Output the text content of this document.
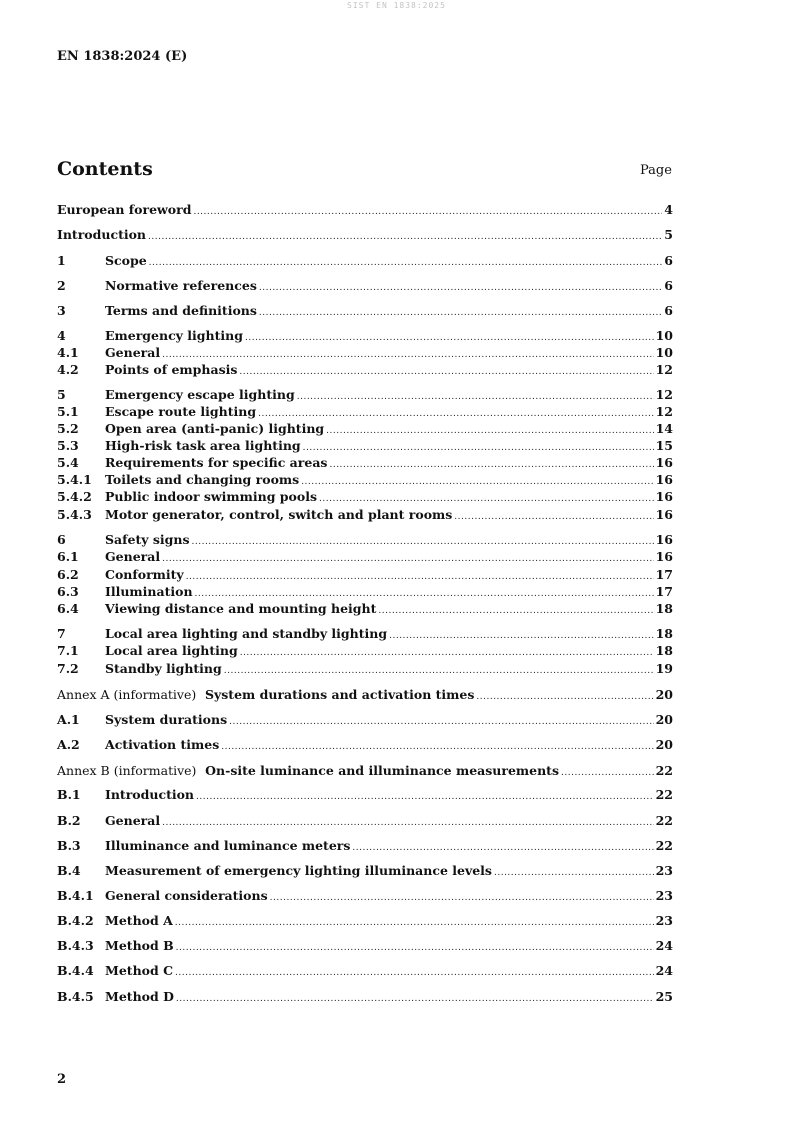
SIST EN 1838:2025
EN 1838:2024 (E)
Contents	Page
European foreword .....	4
Introduction .....	5
1	Scope .....	6
2	Normative references .....	6
3	Terms and definitions .....	6
4	Emergency lighting .....	10
4.1	General .....	10
4.2	Points of emphasis .....	12
5	Emergency escape lighting .....	12
5.1	Escape route lighting .....	12
5.2	Open area (anti-panic) lighting .....	14
5.3	High-risk task area lighting .....	15
5.4	Requirements for specific areas .....	16
5.4.1	Toilets and changing rooms .....	16
5.4.2	Public indoor swimming pools .....	16
5.4.3	Motor generator, control, switch and plant rooms .....	16
6	Safety signs .....	16
6.1	General .....	16
6.2	Conformity .....	17
6.3	Illumination .....	17
6.4	Viewing distance and mounting height .....	18
7	Local area lighting and standby lighting .....	18
7.1	Local area lighting .....	18
7.2	Standby lighting .....	19
Annex A (informative) System durations and activation times .....	20
A.1	System durations .....	20
A.2	Activation times .....	20
Annex B (informative) On-site luminance and illuminance measurements .....	22
B.1	Introduction .....	22
B.2	General .....	22
B.3	Illuminance and luminance meters .....	22
B.4	Measurement of emergency lighting illuminance levels .....	23
B.4.1 General considerations .....	23
B.4.2 Method A .....	23
B.4.3 Method B .....	24
B.4.4 Method C .....	24
B.4.5 Method D .....	25
2
